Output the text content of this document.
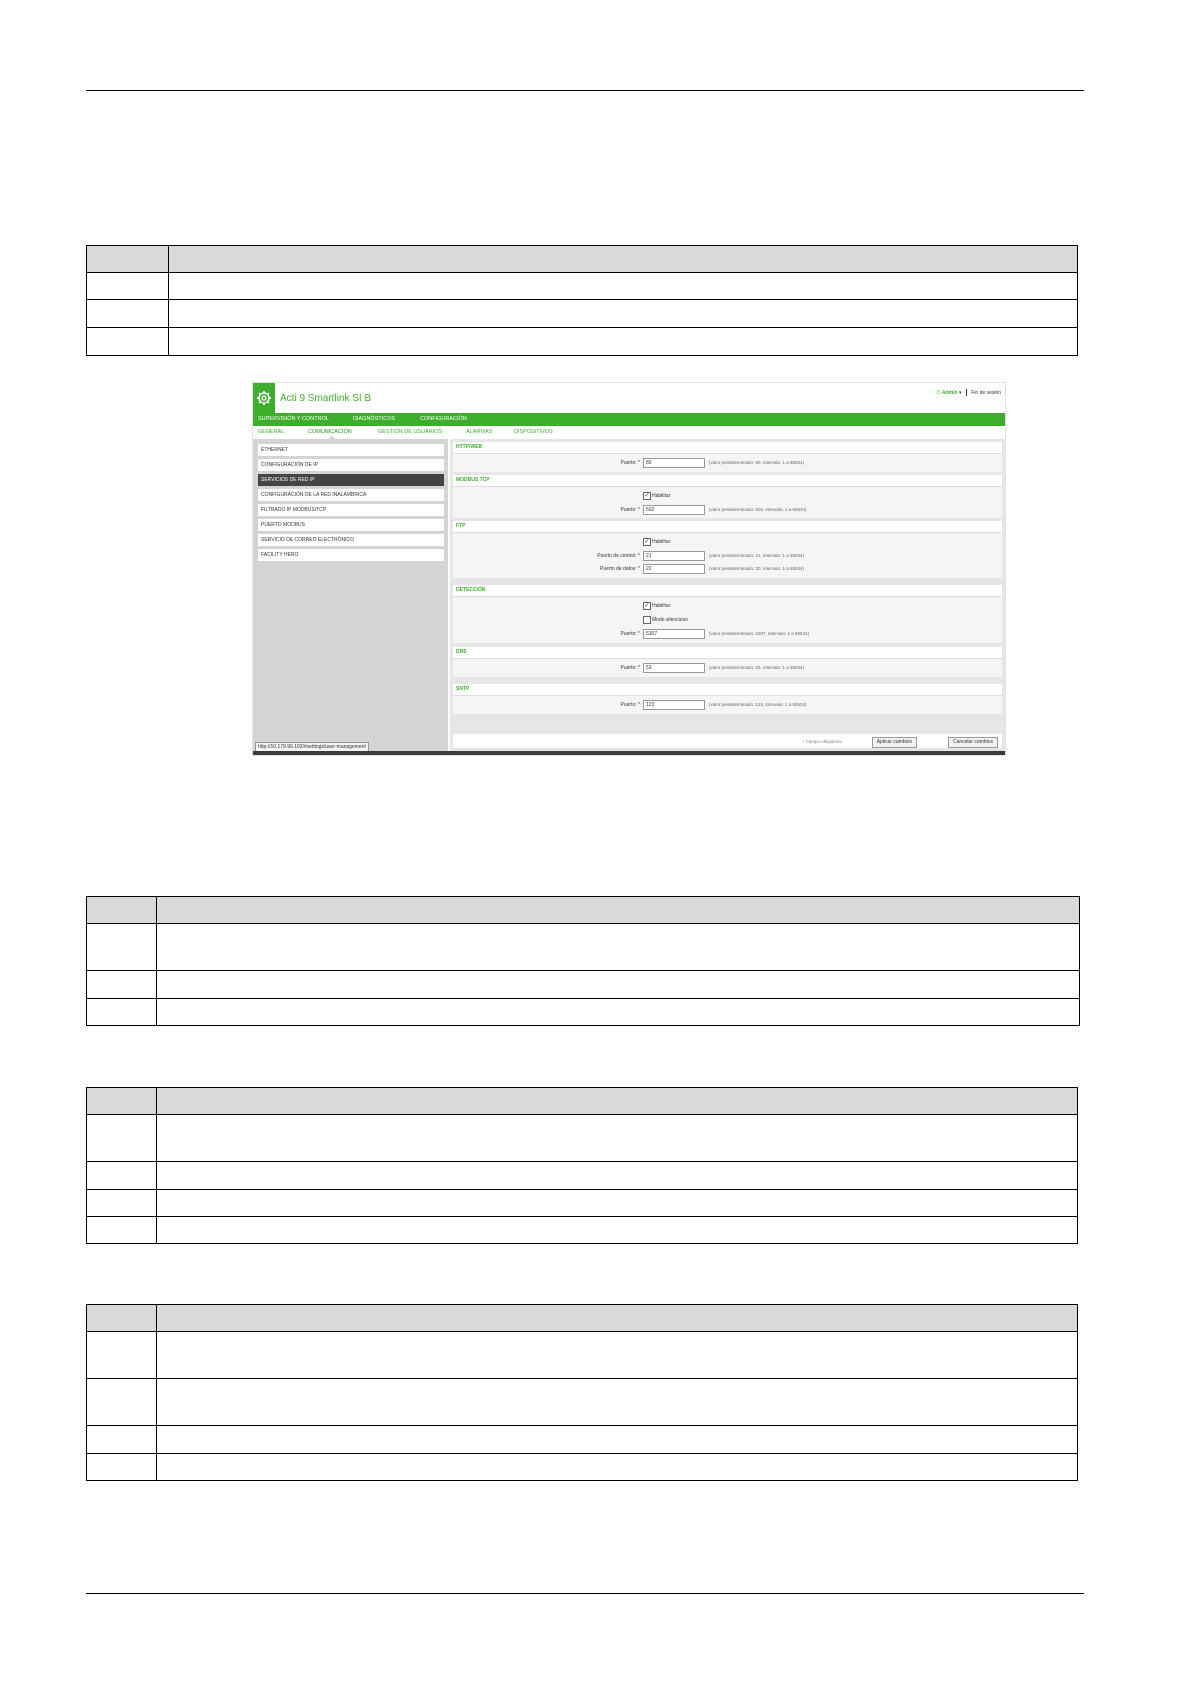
Acti 9 Smartlink SI B
⏻ Admin ▾ Fin de sesión
SUPERVISIÓN Y CONTROL	DIAGNÓSTICOS	CONFIGURACIÓN
GENERAL	COMUNICACIÓN	GESTIÓN DE USUARIOS	ALARMAS	DISPOSITIVOS
ETHERNET
CONFIGURACIÓN DE IP
SERVICIOS DE RED IP
CONFIGURACIÓN DE LA RED INALÁMBRICA
FILTRADO IP MODBUS/TCP
PUERTO MODBUS
SERVICIO DE CORREO ELECTRÓNICO
FACILITY HERO
HTTP/WEB
Puerto: *	80	(valor predeterminado: 80, intervalo: 1 a 65534)
MODBUS TCP
✓ Habilitar
Puerto: *	502	(valor predeterminado: 502, intervalo: 1 a 65534)
FTP
✓ Habilitar
Puerto de control: *	21	(valor predeterminado: 21, intervalo: 1 a 65534)
Puerto de datos: *	22	(valor predeterminado: 20, intervalo: 1 a 65534)
DETECCIÓN
✓ Habilitar
Modo silencioso
Puerto: *	5307	(valor predeterminado: 5307, intervalo: 1 a 65534)
DNS
Puerto: *	53	(valor predeterminado: 53, intervalo: 1 a 65534)
SNTP
Puerto: *	123	(valor predeterminado: 123, intervalo: 1 a 65534)
* Campo obligatorio	Aplicar cambios	Cancelar cambios
http://10.179.99.102/#settings/user-management
